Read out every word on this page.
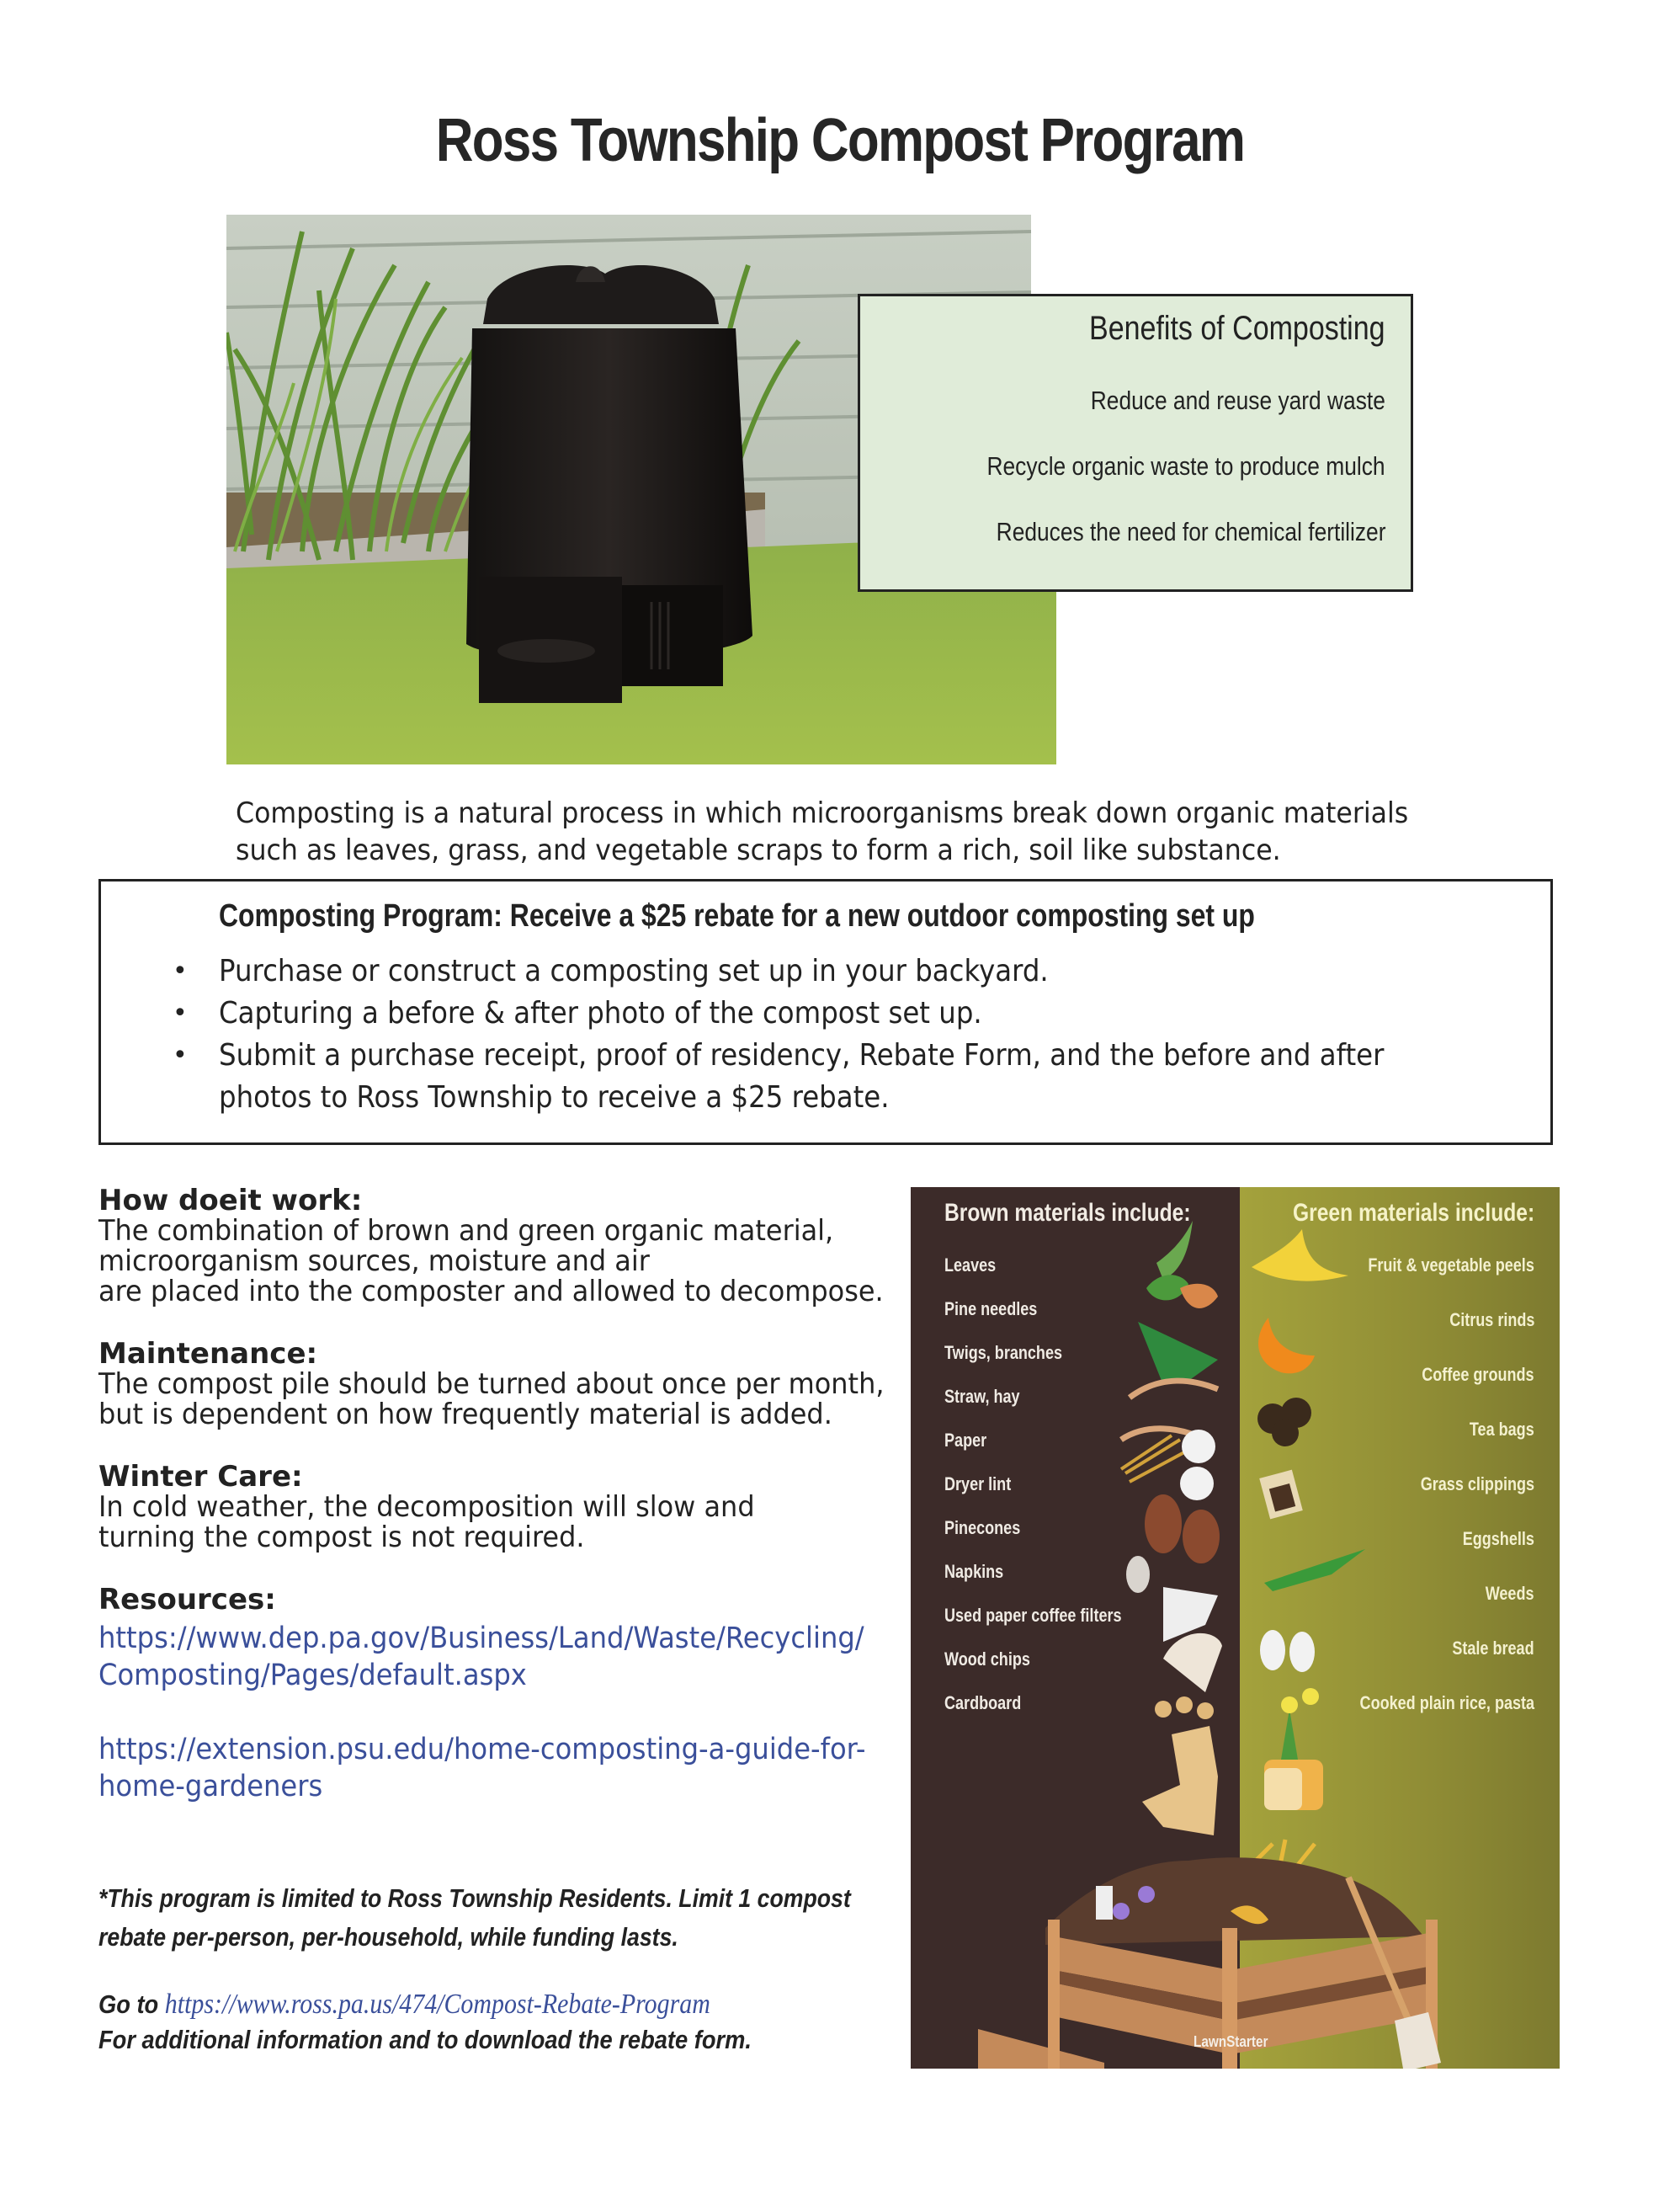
Ross Township Compost Program
Benefits of Composting
Reduce and reuse yard waste
Recycle organic waste to produce mulch
Reduces the need for chemical fertilizer
Composting is a natural process in which microorganisms break down organic materials
such as leaves, grass, and vegetable scraps to form a rich, soil like substance.
Composting Program: Receive a $25 rebate for a new outdoor composting set up
• Purchase or construct a composting set up in your backyard.
• Capturing a before & after photo of the compost set up.
• Submit a purchase receipt, proof of residency, Rebate Form, and the before and after
photos to Ross Township to receive a $25 rebate.
How doeit work:
The combination of brown and green organic material,
microorganism sources, moisture and air
are placed into the composter and allowed to decompose.
Maintenance:
The compost pile should be turned about once per month,
but is dependent on how frequently material is added.
Winter Care:
In cold weather, the decomposition will slow and
turning the compost is not required.
Resources:
https://www.dep.pa.gov/Business/Land/Waste/Recycling/
Composting/Pages/default.aspx
https://extension.psu.edu/home-composting-a-guide-for-
home-gardeners
*This program is limited to Ross Township Residents. Limit 1 compost
rebate per-person, per-household, while funding lasts.
Go to https://www.ross.pa.us/474/Compost-Rebate-Program
For additional information and to download the rebate form.
Brown materials include:	Green materials include:
Leaves
Pine needles
Twigs, branches
Straw, hay
Paper
Dryer lint
Pinecones
Napkins
Used paper coffee filters
Wood chips
Cardboard
Fruit & vegetable peels
Citrus rinds
Coffee grounds
Tea bags
Grass clippings
Eggshells
Weeds
Stale bread
Cooked plain rice, pasta
LawnStarter
